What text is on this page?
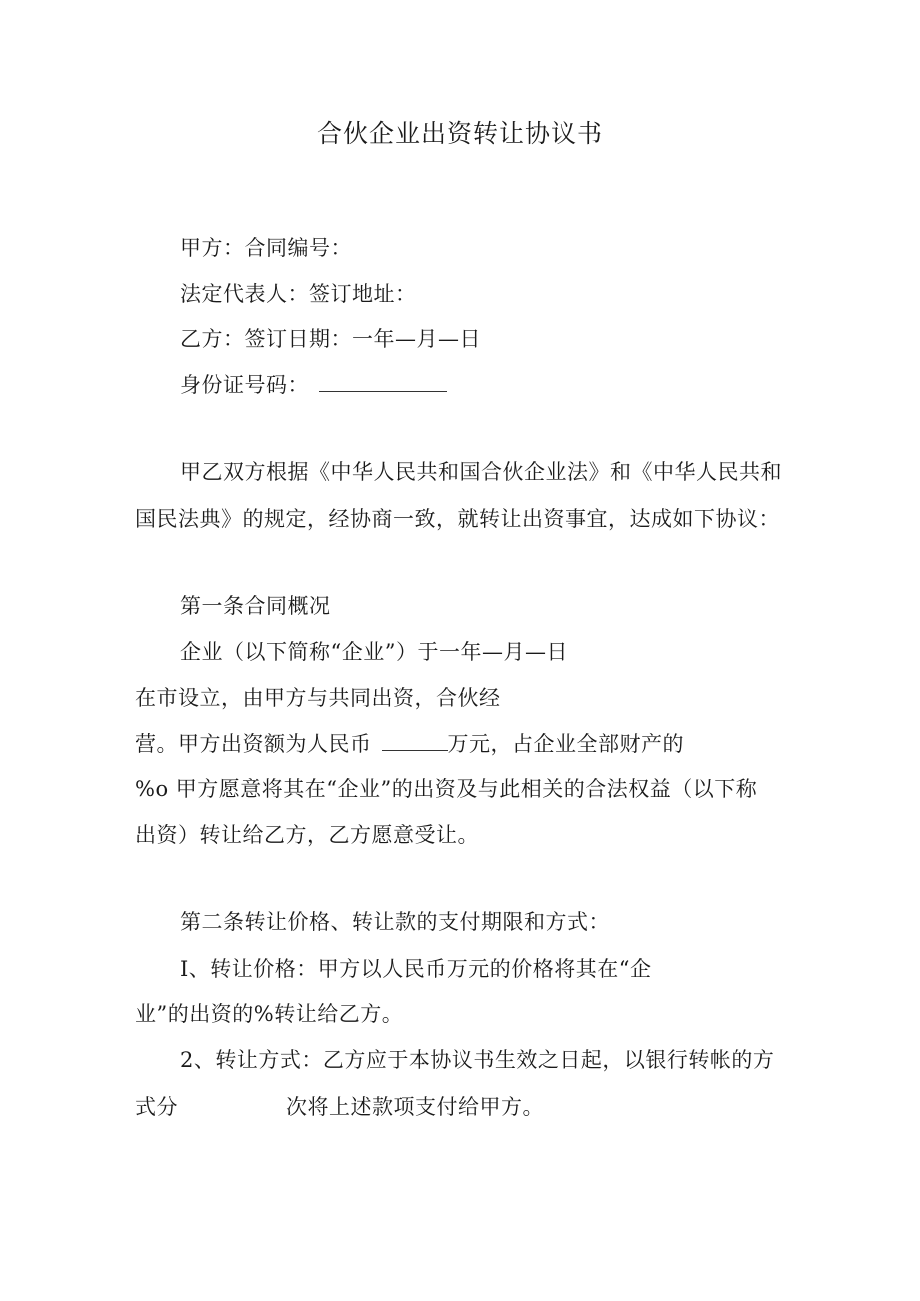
合伙企业出资转让协议书
甲方：合同编号：
法定代表人：签订地址：
乙方：签订日期：一年—月—日
身份证号码：
甲乙双方根据《中华人民共和国合伙企业法》和《中华人民共和
国民法典》的规定，经协商一致，就转让出资事宜，达成如下协议：
第一条合同概况
企业（以下简称“企业”）于一年—月—日
在市设立，由甲方与共同出资，合伙经
营。甲方出资额为人民币	万元，占企业全部财产的
%o 甲方愿意将其在“企业”的出资及与此相关的合法权益（以下称
出资）转让给乙方，乙方愿意受让。
第二条转让价格、转让款的支付期限和方式：
I、转让价格：甲方以人民币万元的价格将其在“企
业”的出资的%转让给乙方。
2、转让方式：乙方应于本协议书生效之日起，以银行转帐的方
式分	次将上述款项支付给甲方。
